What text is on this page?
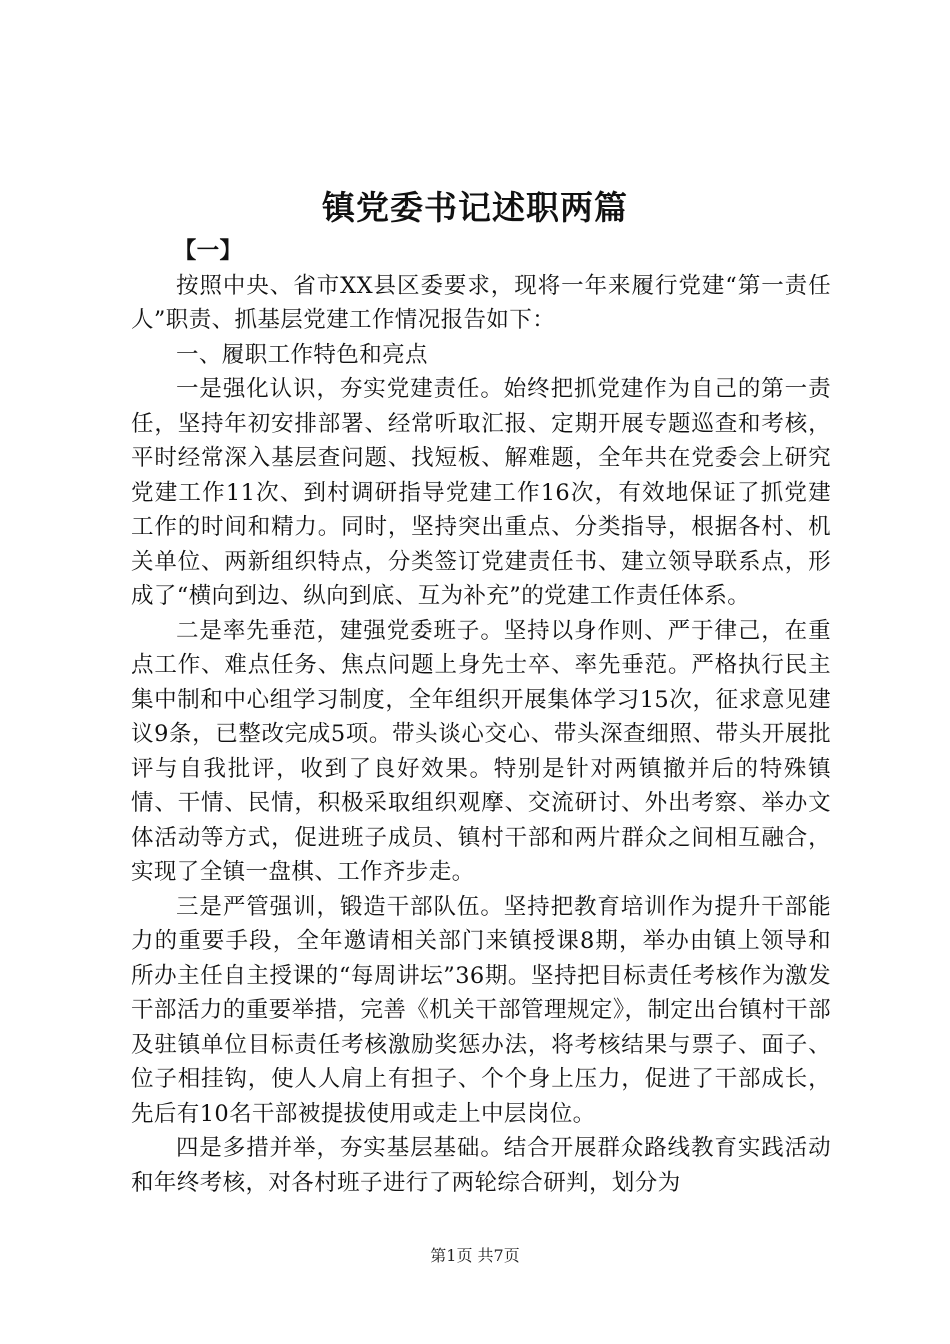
镇党委书记述职两篇

【一】

按照中央、省市XX县区委要求，现将一年来履行党建“第一责任人”职责、抓基层党建工作情况报告如下：

一、履职工作特色和亮点

一是强化认识，夯实党建责任。始终把抓党建作为自己的第一责任，坚持年初安排部署、经常听取汇报、定期开展专题巡查和考核，平时经常深入基层查问题、找短板、解难题，全年共在党委会上研究党建工作11次、到村调研指导党建工作16次，有效地保证了抓党建工作的时间和精力。同时，坚持突出重点、分类指导，根据各村、机关单位、两新组织特点，分类签订党建责任书、建立领导联系点，形成了“横向到边、纵向到底、互为补充”的党建工作责任体系。

二是率先垂范，建强党委班子。坚持以身作则、严于律己，在重点工作、难点任务、焦点问题上身先士卒、率先垂范。严格执行民主集中制和中心组学习制度，全年组织开展集体学习15次，征求意见建议9条，已整改完成5项。带头谈心交心、带头深查细照、带头开展批评与自我批评，收到了良好效果。特别是针对两镇撤并后的特殊镇情、干情、民情，积极采取组织观摩、交流研讨、外出考察、举办文体活动等方式，促进班子成员、镇村干部和两片群众之间相互融合，实现了全镇一盘棋、工作齐步走。

三是严管强训，锻造干部队伍。坚持把教育培训作为提升干部能力的重要手段，全年邀请相关部门来镇授课8期，举办由镇上领导和所办主任自主授课的“每周讲坛”36期。坚持把目标责任考核作为激发干部活力的重要举措，完善《机关干部管理规定》，制定出台镇村干部及驻镇单位目标责任考核激励奖惩办法，将考核结果与票子、面子、位子相挂钩，使人人肩上有担子、个个身上压力，促进了干部成长，先后有10名干部被提拔使用或走上中层岗位。

四是多措并举，夯实基层基础。结合开展群众路线教育实践活动和年终考核，对各村班子进行了两轮综合研判，划分为

第1页 共7页
